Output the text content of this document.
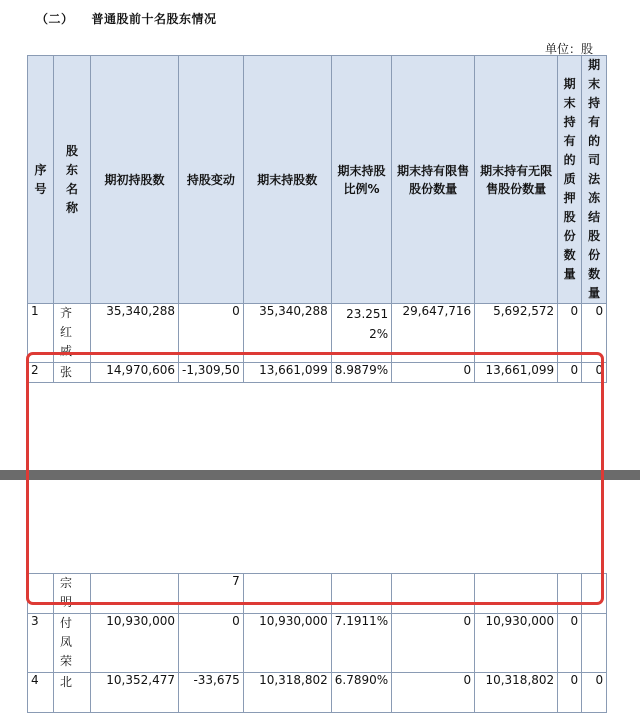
（二） 普通股前十名股东情况
单位：股
序号	股东名称	期初持股数	持股变动	期末持股数	期末持股比例%	期末持有限售股份数量	期末持有无限售股份数量	期末持有的质押股份数量	期末持有的司法冻结股份数量

1	齐红威	35,340,288	0	35,340,288	23.2512%	29,647,716	5,692,572	0	0
2	张	14,970,606	-1,309,50	13,661,099	8.9879%	0	13,661,099	0	0

	宗明		7						
3	付凤荣	10,930,000	0	10,930,000	7.1911%	0	10,930,000	0	
4	北	10,352,477	-33,675	10,318,802	6.7890%	0	10,318,802	0	0
